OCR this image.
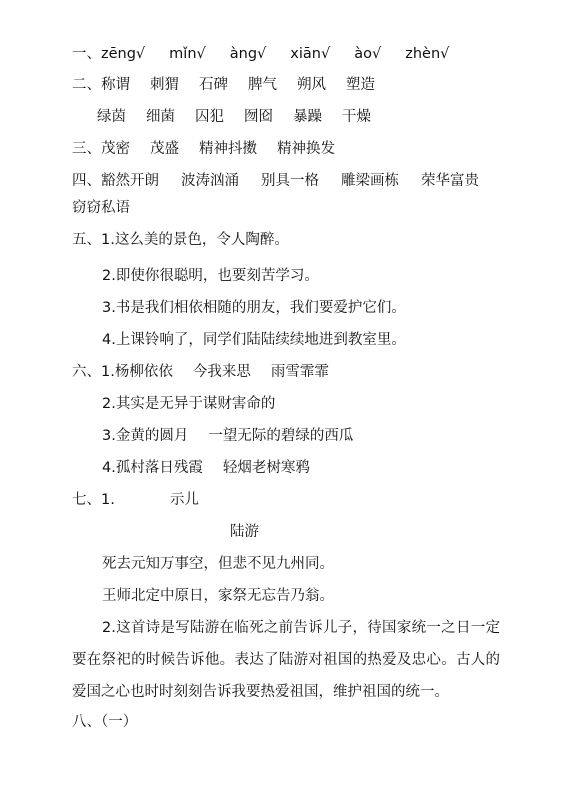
一、zēng√ mǐn√ àng√ xiān√ ào√ zhèn√
二、称谓 刺猬 石碑 脾气 朔风 塑造
绿茵 细菌 囚犯 囫囵 暴躁 干燥
三、茂密 茂盛 精神抖擞 精神换发
四、豁然开朗 波涛汹涌 别具一格 雕梁画栋 荣华富贵
窃窃私语
五、1.这么美的景色，令人陶醉。
2.即使你很聪明，也要刻苦学习。
3.书是我们相依相随的朋友，我们要爱护它们。
4.上课铃响了，同学们陆陆续续地进到教室里。
六、1.杨柳依依 今我来思 雨雪霏霏
2.其实是无异于谋财害命的
3.金黄的圆月 一望无际的碧绿的西瓜
4.孤村落日残霞 轻烟老树寒鸦
七、1.	示儿
陆游
死去元知万事空，但悲不见九州同。
王师北定中原日，家祭无忘告乃翁。
2.这首诗是写陆游在临死之前告诉儿子，待国家统一之日一定要在祭祀的时候告诉他。表达了陆游对祖国的热爱及忠心。古人的爱国之心也时时刻刻告诉我要热爱祖国，维护祖国的统一。
八、（一）
